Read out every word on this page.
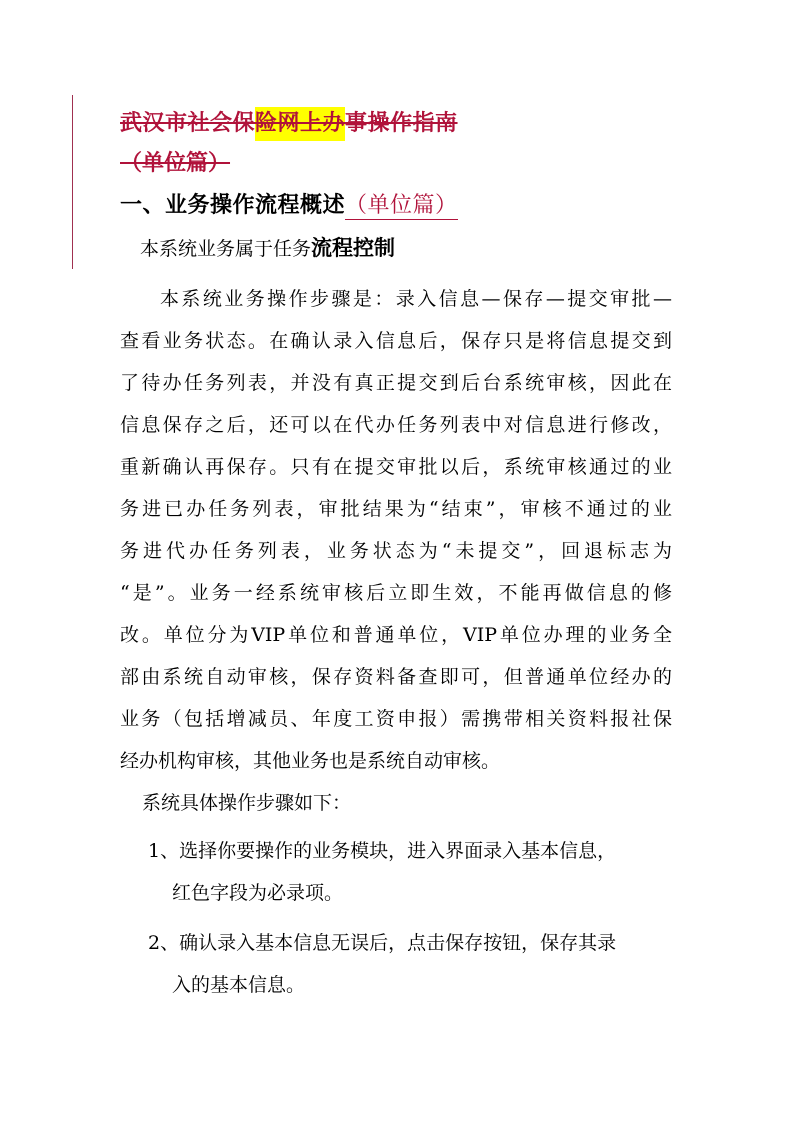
武汉市社会保险网上办事操作指南
（单位篇）
一、业务操作流程概述（单位篇）
本系统业务属于任务流程控制
本系统业务操作步骤是：录入信息—保存—提交审批—
查看业务状态。在确认录入信息后，保存只是将信息提交到
了待办任务列表，并没有真正提交到后台系统审核，因此在
信息保存之后，还可以在代办任务列表中对信息进行修改，
重新确认再保存。只有在提交审批以后，系统审核通过的业
务进已办任务列表，审批结果为“结束”，审核不通过的业
务进代办任务列表，业务状态为“未提交”，回退标志为
“是”。业务一经系统审核后立即生效，不能再做信息的修
改。单位分为VIP单位和普通单位，VIP单位办理的业务全
部由系统自动审核，保存资料备查即可，但普通单位经办的
业务（包括增减员、年度工资申报）需携带相关资料报社保
经办机构审核，其他业务也是系统自动审核。
系统具体操作步骤如下：
1、选择你要操作的业务模块，进入界面录入基本信息，
红色字段为必录项。
2、确认录入基本信息无误后，点击保存按钮，保存其录
入的基本信息。
